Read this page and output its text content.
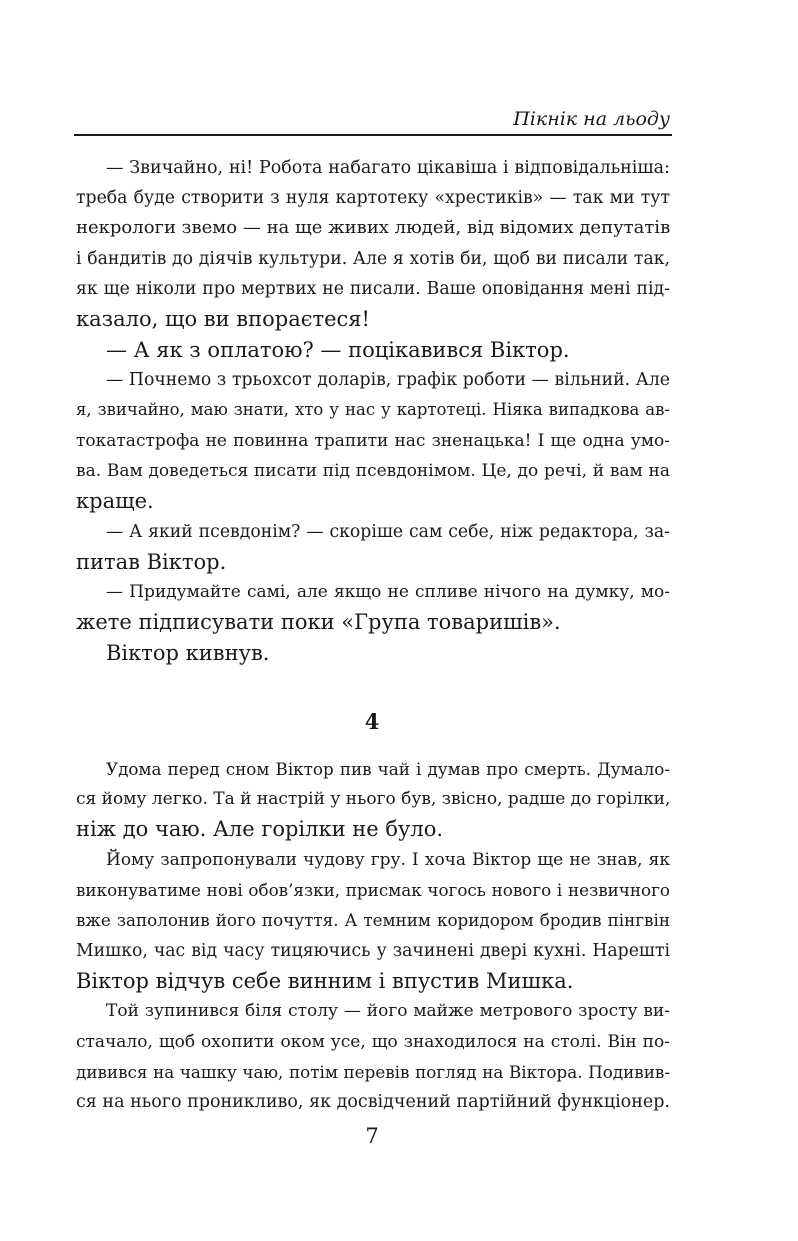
Пікнік на льоду
— Звичайно, ні! Робота набагато цікавіша і відповідальніша:
треба буде створити з нуля картотеку «хрестиків» — так ми тут
некрологи звемо — на ще живих людей, від відомих депутатів
і бандитів до діячів культури. Але я хотів би, щоб ви писали так,
як ще ніколи про мертвих не писали. Ваше оповідання мені під-
казало, що ви впораєтеся!
— А як з оплатою? — поцікавився Віктор.
— Почнемо з трьохсот доларів, графік роботи — вільний. Але
я, звичайно, маю знати, хто у нас у картотеці. Ніяка випадкова ав-
токатастрофа не повинна трапити нас зненацька! І ще одна умо-
ва. Вам доведеться писати під псевдонімом. Це, до речі, й вам на
краще.
— А який псевдонім? — скоріше сам себе, ніж редактора, за-
питав Віктор.
— Придумайте самі, але якщо не спливе нічого на думку, мо-
жете підписувати поки «Група товаришів».
Віктор кивнув.
4
Удома перед сном Віктор пив чай і думав про смерть. Думало-
ся йому легко. Та й настрій у нього був, звісно, радше до горілки,
ніж до чаю. Але горілки не було.
Йому запропонували чудову гру. І хоча Віктор ще не знав, як
виконуватиме нові обов’язки, присмак чогось нового і незвичного
вже заполонив його почуття. А темним коридором бродив пінгвін
Мишко, час від часу тицяючись у зачинені двері кухні. Нарешті
Віктор відчув себе винним і впустив Мишка.
Той зупинився біля столу — його майже метрового зросту ви-
стачало, щоб охопити оком усе, що знаходилося на столі. Він по-
дивився на чашку чаю, потім перевів погляд на Віктора. Подивив-
ся на нього проникливо, як досвідчений партійний функціонер.
7
